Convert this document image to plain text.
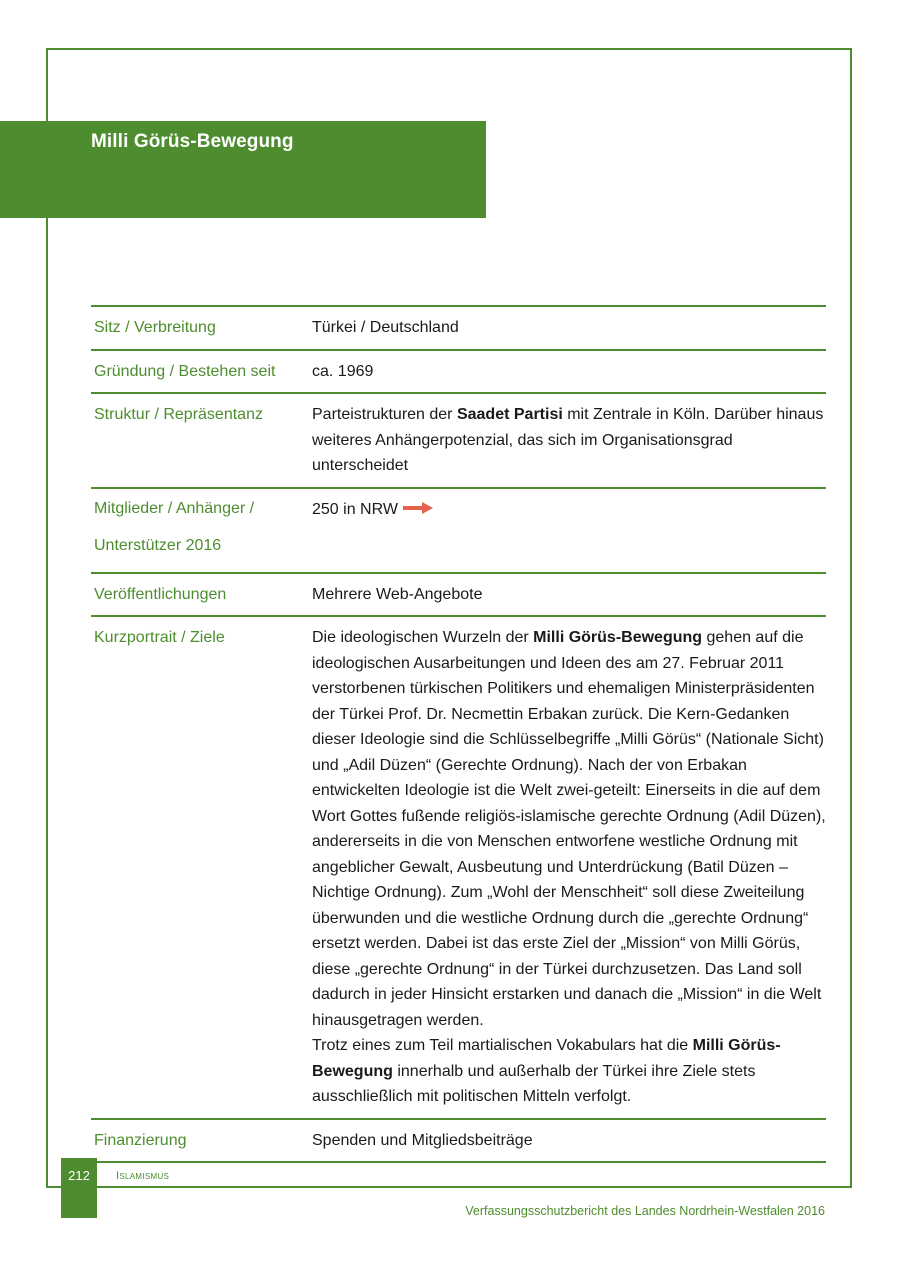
Milli Görüs-Bewegung
Sitz / Verbreitung	Türkei / Deutschland
Gründung / Bestehen seit	ca. 1969
Struktur / Repräsentanz	Parteistrukturen der Saadet Partisi mit Zentrale in Köln. Darüber hinaus weiteres Anhängerpotenzial, das sich im Organisationsgrad unterscheidet

Mitglieder / Anhänger /
Unterstützer 2016	250 in NRW
Veröffentlichungen	Mehrere Web-Angebote
Kurzportrait / Ziele	Die ideologischen Wurzeln der Milli Görüs-Bewegung gehen auf die ideologischen Ausarbeitungen und Ideen des am 27. Februar 2011 verstorbenen türkischen Politikers und ehemaligen Ministerpräsidenten der Türkei Prof. Dr. Necmettin Erbakan zurück. Die Kern-Gedanken dieser Ideologie sind die Schlüsselbegriffe „Milli Görüs“ (Nationale Sicht) und „Adil Düzen“ (Gerechte Ordnung). Nach der von Erbakan entwickelten Ideologie ist die Welt zwei-geteilt: Einerseits in die auf dem Wort Gottes fußende religiös-islamische gerechte Ordnung (Adil Düzen), andererseits in die von Menschen entworfene westliche Ordnung mit angeblicher Gewalt, Ausbeutung und Unterdrückung (Batil Düzen – Nichtige Ordnung). Zum „Wohl der Menschheit“ soll diese Zweiteilung überwunden und die westliche Ordnung durch die „gerechte Ordnung“ ersetzt werden. Dabei ist das erste Ziel der „Mission“ von Milli Görüs, diese „gerechte Ordnung“ in der Türkei durchzusetzen. Das Land soll dadurch in jeder Hinsicht erstarken und danach die „Mission“ in die Welt hinausgetragen werden.

Trotz eines zum Teil martialischen Vokabulars hat die Milli Görüs-Bewegung innerhalb und außerhalb der Türkei ihre Ziele stets ausschließlich mit politischen Mitteln verfolgt.

Finanzierung	Spenden und Mitgliedsbeiträge
212	Islamismus
Verfassungsschutzbericht des Landes Nordrhein-Westfalen 2016
